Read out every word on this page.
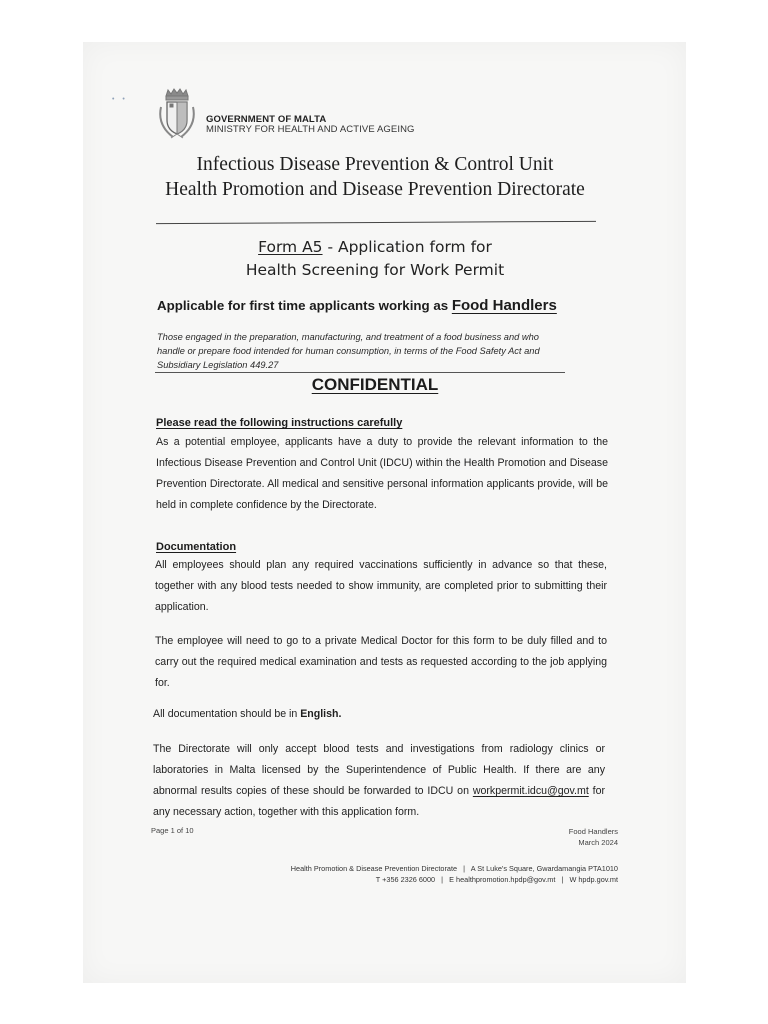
• •
GOVERNMENT OF MALTA
MINISTRY FOR HEALTH AND ACTIVE AGEING
Infectious Disease Prevention & Control Unit
Health Promotion and Disease Prevention Directorate
Form A5 - Application form for
Health Screening for Work Permit
Applicable for first time applicants working as Food Handlers
Those engaged in the preparation, manufacturing, and treatment of a food business and who handle or prepare food intended for human consumption, in terms of the Food Safety Act and Subsidiary Legislation 449.27
CONFIDENTIAL
Please read the following instructions carefully
As a potential employee, applicants have a duty to provide the relevant information to the Infectious Disease Prevention and Control Unit (IDCU) within the Health Promotion and Disease Prevention Directorate. All medical and sensitive personal information applicants provide, will be held in complete confidence by the Directorate.
Documentation
All employees should plan any required vaccinations sufficiently in advance so that these, together with any blood tests needed to show immunity, are completed prior to submitting their application.
The employee will need to go to a private Medical Doctor for this form to be duly filled and to carry out the required medical examination and tests as requested according to the job applying for.
All documentation should be in English.
The Directorate will only accept blood tests and investigations from radiology clinics or laboratories in Malta licensed by the Superintendence of Public Health. If there are any abnormal results copies of these should be forwarded to IDCU on workpermit.idcu@gov.mt for any necessary action, together with this application form.
Page 1 of 10	Food Handlers
March 2024
Health Promotion & Disease Prevention Directorate   |   A St Luke's Square, Gwardamangia PTA1010
T +356 2326 6000   |   E healthpromotion.hpdp@gov.mt   |   W hpdp.gov.mt
